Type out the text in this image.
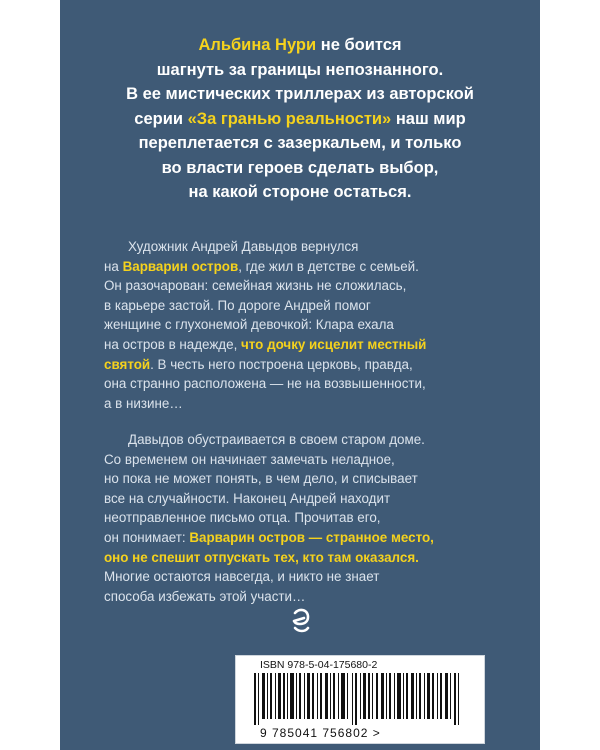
Альбина Нури не боится
шагнуть за границы непознанного.
В ее мистических триллерах из авторской
серии «За гранью реальности» наш мир
переплетается с зазеркальем, и только
во власти героев сделать выбор,
на какой стороне остаться.
Художник Андрей Давыдов вернулся
на Варварин остров, где жил в детстве с семьей.
Он разочарован: семейная жизнь не сложилась,
в карьере застой. По дороге Андрей помог
женщине с глухонемой девочкой: Клара ехала
на остров в надежде, что дочку исцелит местный
святой. В честь него построена церковь, правда,
она странно расположена — не на возвышенности,
а в низине…
Давыдов обустраивается в своем старом доме.
Со временем он начинает замечать неладное,
но пока не может понять, в чем дело, и списывает
все на случайности. Наконец Андрей находит
неотправленное письмо отца. Прочитав его,
он понимает: Варварин остров — странное место,
оно не спешит отпускать тех, кто там оказался.
Многие остаются навсегда, и никто не знает
способа избежать этой участи…
ISBN 978-5-04-175680-2
9 785041 756802 >
